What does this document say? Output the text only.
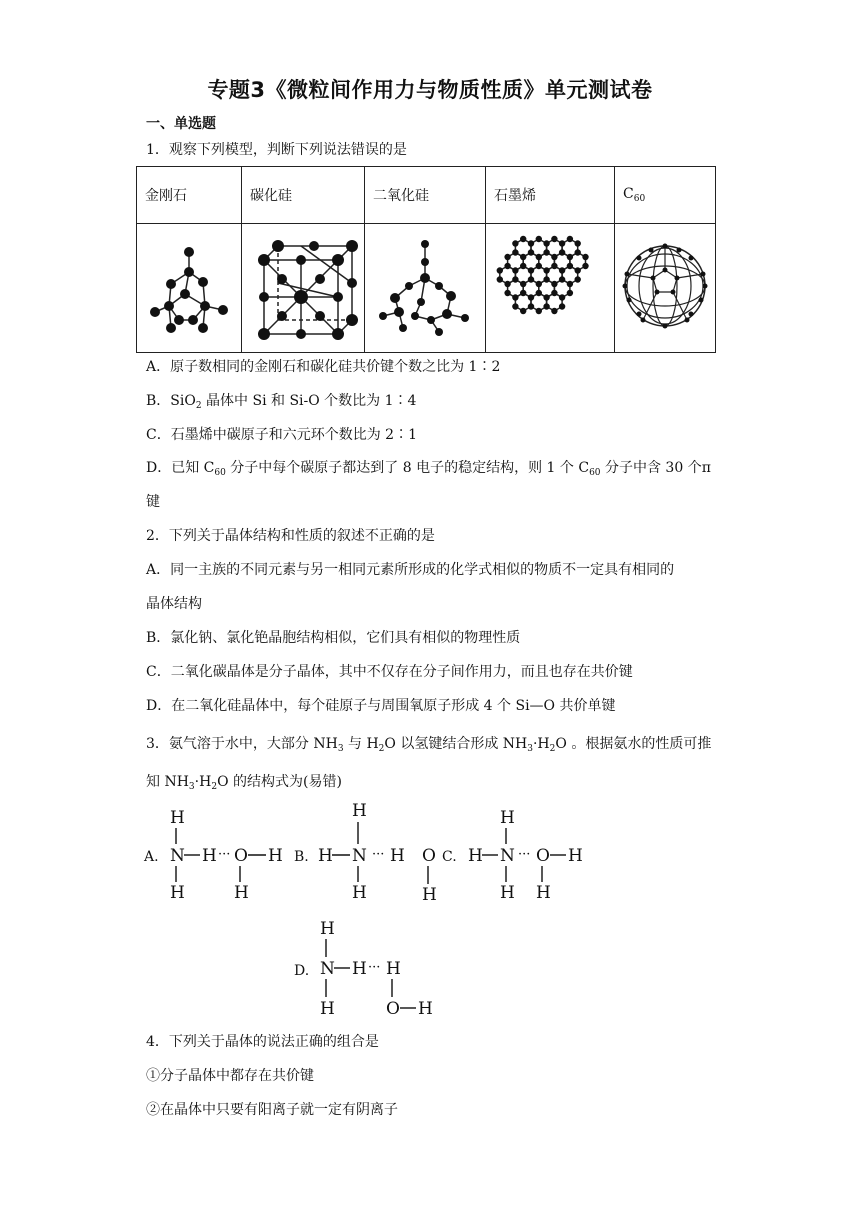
专题3《微粒间作用力与物质性质》单元测试卷
一、单选题
1．观察下列模型，判断下列说法错误的是
金刚石	碳化硅	二氧化硅	石墨烯	$C_{60}$

A．原子数相同的金刚石和碳化硅共价键个数之比为 1∶2
B．SiO$_2$ 晶体中 Si 和 Si-O 个数比为 1∶4
C．石墨烯中碳原子和六元环个数比为 2∶1
D．已知 $C_{60}$ 分子中每个碳原子都达到了 8 电子的稳定结构，则 1 个 $C_{60}$ 分子中含 30 个π
键
2．下列关于晶体结构和性质的叙述不正确的是
A．同一主族的不同元素与另一相同元素所形成的化学式相似的物质不一定具有相同的
晶体结构
B．氯化钠、氯化铯晶胞结构相似，它们具有相似的物理性质
C．二氧化碳晶体是分子晶体，其中不仅存在分子间作用力，而且也存在共价键
D．在二氧化硅晶体中，每个硅原子与周围氧原子形成 4 个 Si—O 共价单键
3．氨气溶于水中，大部分 $NH_3$ 与 $H_2O$ 以氢键结合形成 $NH_3\cdot H_2O$ 。根据氨水的性质可推
知 $NH_3\cdot H_2O$ 的结构式为(易错)
A.
H
N
H
H ··· O H
H
B. H
H
N
H
··· H O
H
C. H
H
N
H
··· O H
H
D.
H
N
H
H ··· H
O H
4．下列关于晶体的说法正确的组合是
①分子晶体中都存在共价键
②在晶体中只要有阳离子就一定有阴离子
